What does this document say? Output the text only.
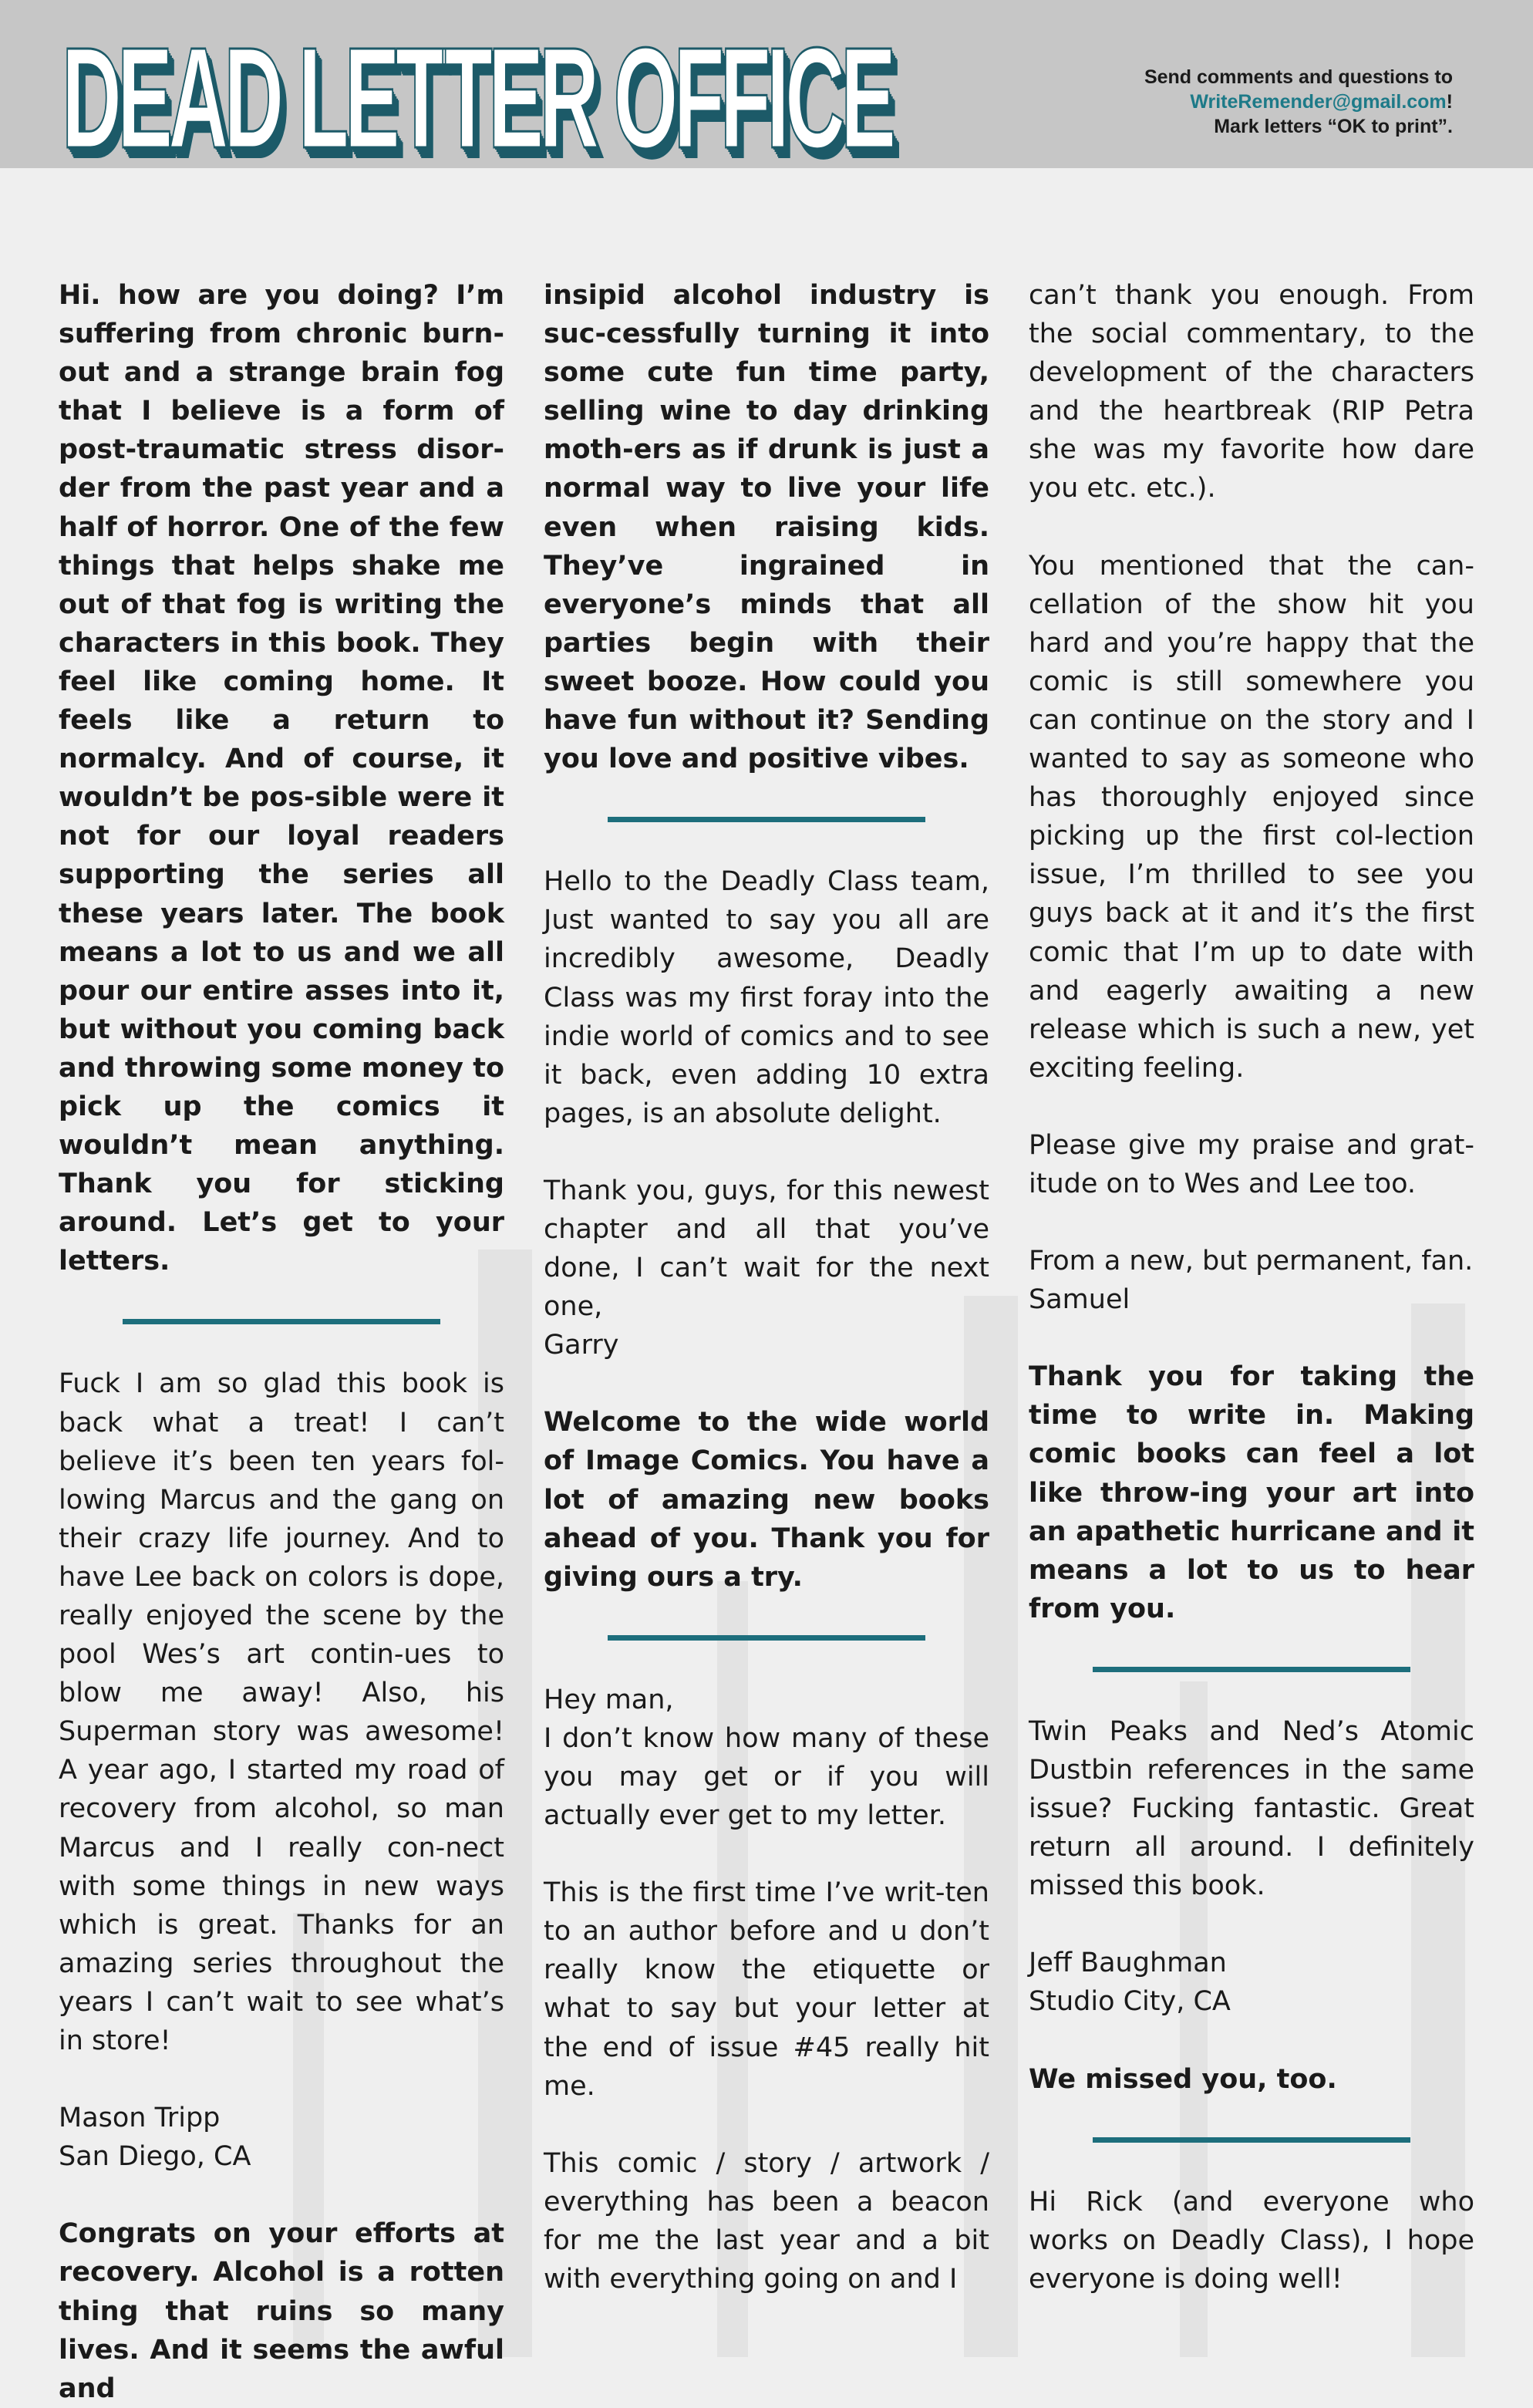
DEAD LETTER OFFICE	Send comments and questions to
WriteRemender@gmail.com!
Mark letters “OK to print”.

Hi. how are you doing? I’m suffering from chronic burn-out and a strange brain fog that I believe is a form of post-traumatic stress disor-der from the past year and a half of horror. One of the few things that helps shake me out of that fog is writing the characters in this book. They feel like coming home. It feels like a return to normalcy. And of course, it wouldn’t be pos-sible were it not for our loyal readers supporting the series all these years later. The book means a lot to us and we all pour our entire asses into it, but without you coming back and throwing some money to pick up the comics it wouldn’t mean anything. Thank you for sticking around. Let’s get to your letters.

Fuck I am so glad this book is back what a treat! I can’t believe it’s been ten years fol-lowing Marcus and the gang on their crazy life journey. And to have Lee back on colors is dope, really enjoyed the scene by the pool Wes’s art contin-ues to blow me away! Also, his Superman story was awesome! A year ago, I started my road of recovery from alcohol, so man Marcus and I really con-nect with some things in new ways which is great. Thanks for an amazing series throughout the years I can’t wait to see what’s in store!

Mason Tripp

San Diego, CA

Congrats on your efforts at recovery. Alcohol is a rotten thing that ruins so many lives. And it seems the awful and

insipid alcohol industry is suc-cessfully turning it into some cute fun time party, selling wine to day drinking moth-ers as if drunk is just a normal way to live your life even when raising kids. They’ve ingrained in everyone’s minds that all parties begin with their sweet booze. How could you have fun without it? Sending you love and positive vibes.

Hello to the Deadly Class team, Just wanted to say you all are incredibly awesome, Deadly Class was my first foray into the indie world of comics and to see it back, even adding 10 extra pages, is an absolute delight.

Thank you, guys, for this newest chapter and all that you’ve done, I can’t wait for the next one,

Garry

Welcome to the wide world of Image Comics. You have a lot of amazing new books ahead of you. Thank you for giving ours a try.

Hey man,

I don’t know how many of these you may get or if you will actually ever get to my letter.

This is the first time I’ve writ-ten to an author before and u don’t really know the etiquette or what to say but your letter at the end of issue #45 really hit me.

This comic / story / artwork / everything has been a beacon for me the last year and a bit with everything going on and I

can’t thank you enough. From the social commentary, to the development of the characters and the heartbreak (RIP Petra she was my favorite how dare you etc. etc.).

You mentioned that the can-cellation of the show hit you hard and you’re happy that the comic is still somewhere you can continue on the story and I wanted to say as someone who has thoroughly enjoyed since picking up the first col-lection issue, I’m thrilled to see you guys back at it and it’s the first comic that I’m up to date with and eagerly awaiting a new release which is such a new, yet exciting feeling.

Please give my praise and grat-itude on to Wes and Lee too.

From a new, but permanent, fan.

Samuel

Thank you for taking the time to write in. Making comic books can feel a lot like throw-ing your art into an apathetic hurricane and it means a lot to us to hear from you.

Twin Peaks and Ned’s Atomic Dustbin references in the same issue? Fucking fantastic. Great return all around. I definitely missed this book.

Jeff Baughman

Studio City, CA

We missed you, too.

Hi Rick (and everyone who works on Deadly Class), I hope everyone is doing well!
